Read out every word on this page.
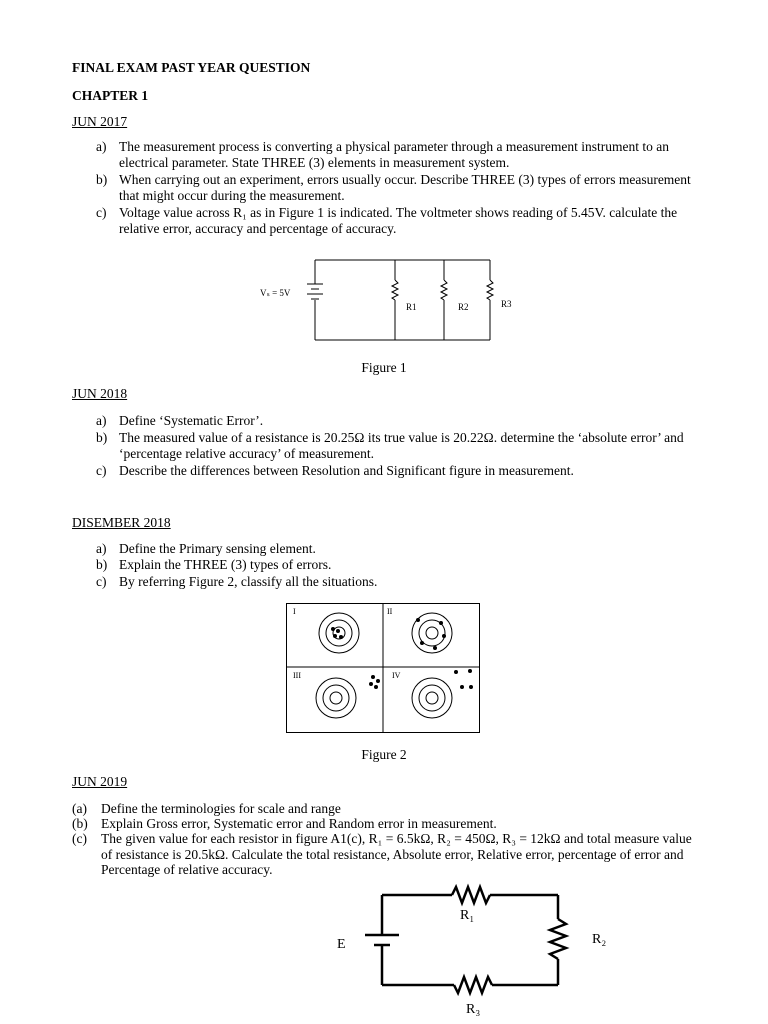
FINAL EXAM PAST YEAR QUESTION
CHAPTER 1
JUN 2017
a) The measurement process is converting a physical parameter through a measurement instrument to an electrical parameter. State THREE (3) elements in measurement system.
b) When carrying out an experiment, errors usually occur. Describe THREE (3) types of errors measurement that might occur during the measurement.
c) Voltage value across R₁ as in Figure 1 is indicated. The voltmeter shows reading of 5.45V. calculate the relative error, accuracy and percentage of accuracy.
Vₛ = 5V
R1	R2	R3
Figure 1
JUN 2018
a) Define ‘Systematic Error’.
b) The measured value of a resistance is 20.25Ω its true value is 20.22Ω. determine the ‘absolute error’ and ‘percentage relative accuracy’ of measurement.
c) Describe the differences between Resolution and Significant figure in measurement.
DISEMBER 2018
a) Define the Primary sensing element.
b) Explain the THREE (3) types of errors.
c) By referring Figure 2, classify all the situations.
I	II
III	IV
Figure 2
JUN 2019
(a) Define the terminologies for scale and range
(b) Explain Gross error, Systematic error and Random error in measurement.
(c) The given value for each resistor in figure A1(c), R₁ = 6.5kΩ, R₂ = 450Ω, R₃ = 12kΩ and total measure value of resistance is 20.5kΩ. Calculate the total resistance, Absolute error, Relative error, percentage of error and Percentage of relative accuracy.
E
R₁
R₂
R₃
